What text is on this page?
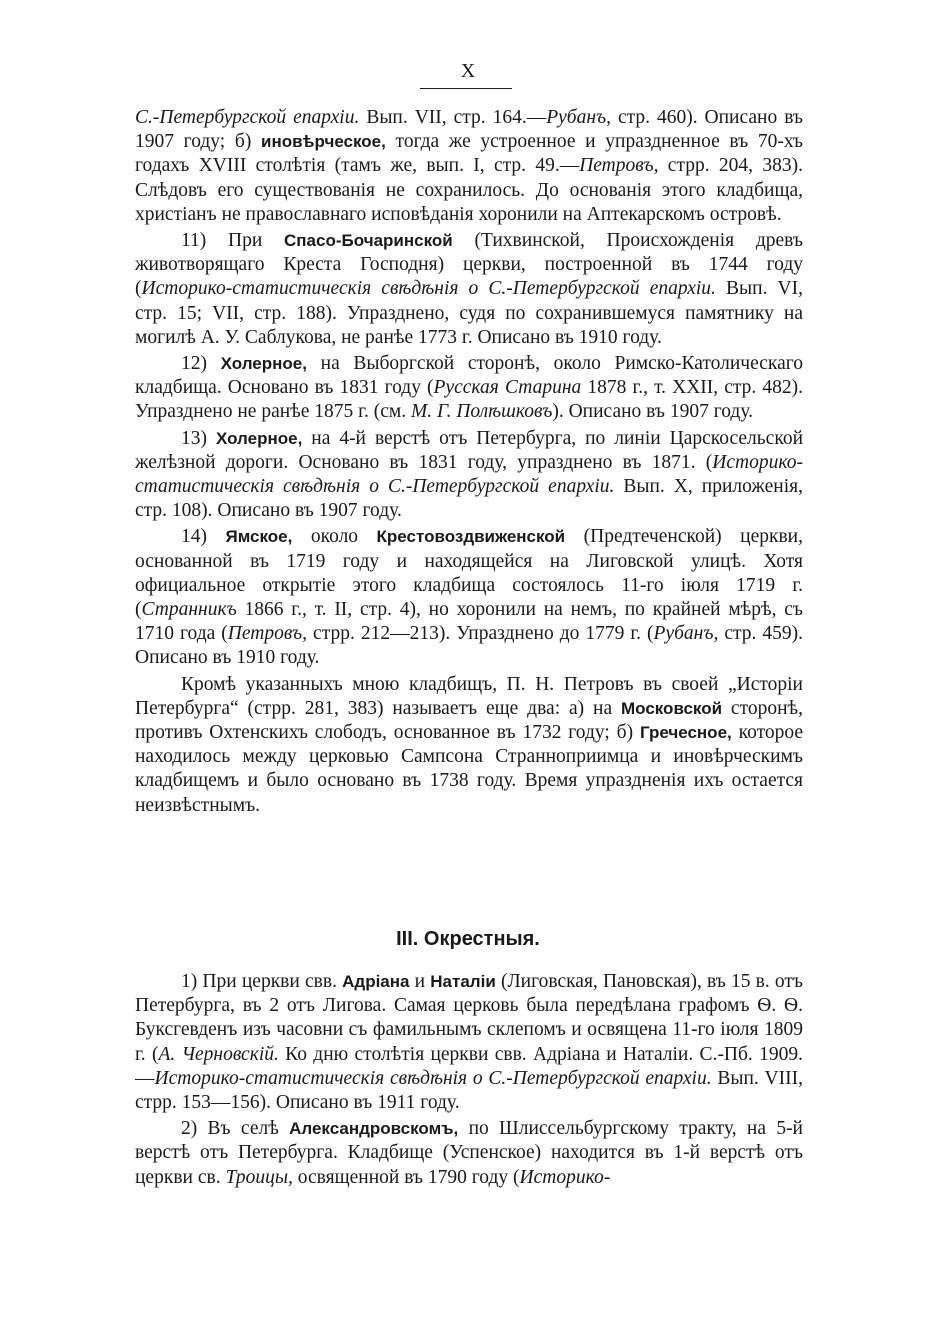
X

С.-Петербургской епархіи. Вып. VII, стр. 164.—Рубанъ, стр. 460). Описано въ 1907 году; б) иновѣрческое, тогда же устроенное и упраздненное въ 70-хъ годахъ XVIII столѣтія (тамъ же, вып. I, стр. 49.—Петровъ, стрр. 204, 383). Слѣдовъ его существованія не сохранилось. До основанія этого кладбища, христіанъ не православнаго исповѣданія хоронили на Аптекарскомъ островѣ.

11) При Спасо-Бочаринской (Тихвинской, Происхожденія древъ животворящаго Креста Господня) церкви, построенной въ 1744 году (Историко-статистическія свѣдѣнія о С.-Петербургской епархіи. Вып. VI, стр. 15; VII, стр. 188). Упразднено, судя по сохранившемуся памятнику на могилѣ А. У. Саблукова, не ранѣе 1773 г. Описано въ 1910 году.

12) Холерное, на Выборгской сторонѣ, около Римско-Католическаго кладбища. Основано въ 1831 году (Русская Старина 1878 г., т. XXII, стр. 482). Упразднено не ранѣе 1875 г. (см. М. Г. Полѣшковъ). Описано въ 1907 году.

13) Холерное, на 4-й верстѣ отъ Петербурга, по линіи Царскосельской желѣзной дороги. Основано въ 1831 году, упразднено въ 1871. (Историко-статистическія свѣдѣнія о С.-Петербургской епархіи. Вып. X, приложенія, стр. 108). Описано въ 1907 году.

14) Ямское, около Крестовоздвиженской (Предтеченской) церкви, основанной въ 1719 году и находящейся на Лиговской улицѣ. Хотя официальное открытіе этого кладбища состоялось 11-го іюля 1719 г. (Странникъ 1866 г., т. II, стр. 4), но хоронили на немъ, по крайней мѣрѣ, съ 1710 года (Петровъ, стрр. 212—213). Упразднено до 1779 г. (Рубанъ, стр. 459). Описано въ 1910 году.

Кромѣ указанныхъ мною кладбищъ, П. Н. Петровъ въ своей „Исторіи Петербурга“ (стрр. 281, 383) называетъ еще два: а) на Московской сторонѣ, противъ Охтенскихъ слободъ, основанное въ 1732 году; б) Гречесное, которое находилось между церковью Сампсона Странноприимца и иновѣрческимъ кладбищемъ и было основано въ 1738 году. Время упраздненія ихъ остается неизвѣстнымъ.

III. Окрестныя.

1) При церкви свв. Адріана и Наталіи (Лиговская, Пановская), въ 15 в. отъ Петербурга, въ 2 отъ Лигова. Самая церковь была передѣлана графомъ Ѳ. Ѳ. Буксгевденъ изъ часовни съ фамильнымъ склепомъ и освящена 11-го іюля 1809 г. (А. Черновскій. Ко дню столѣтія церкви свв. Адріана и Наталіи. С.-Пб. 1909.—Историко-статистическія свѣдѣнія о С.-Петербургской епархіи. Вып. VIII, стрр. 153—156). Описано въ 1911 году.

2) Въ селѣ Александровскомъ, по Шлиссельбургскому тракту, на 5-й верстѣ отъ Петербурга. Кладбище (Успенское) находится въ 1-й верстѣ отъ церкви св. Троицы, освященной въ 1790 году (Историко-
